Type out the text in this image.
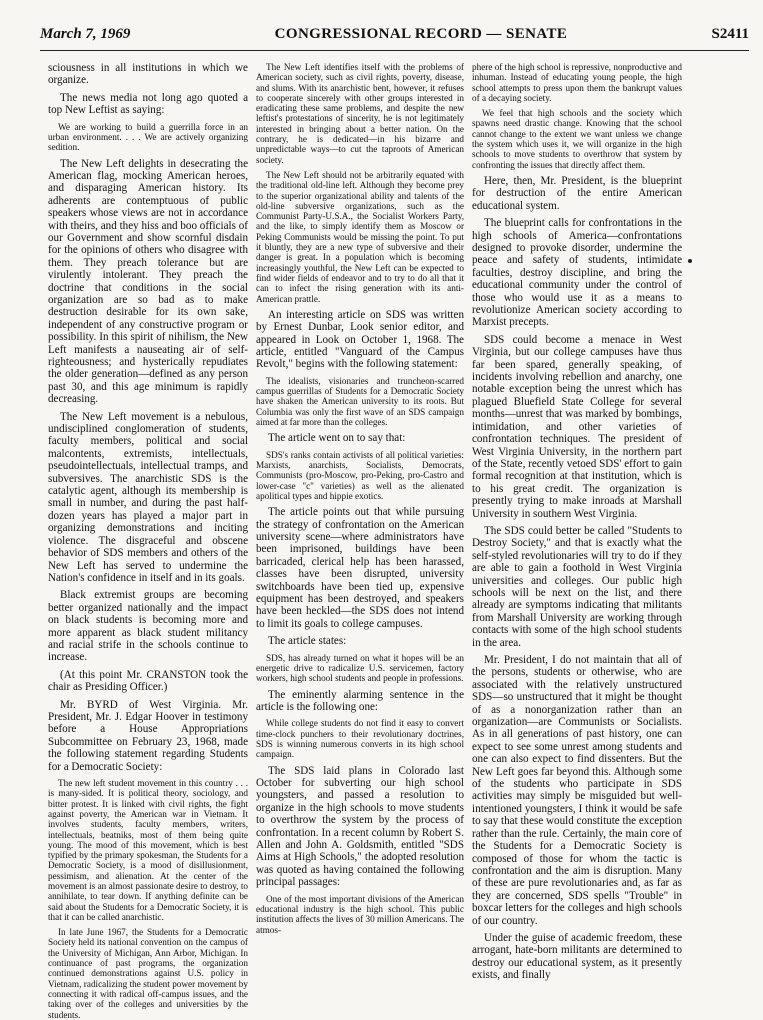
March 7, 1969	CONGRESSIONAL RECORD — SENATE	S2411

sciousness in all institutions in which we organize.

The news media not long ago quoted a top New Leftist as saying:

We are working to build a guerrilla force in an urban environment. . . . We are actively organizing sedition.

The New Left delights in desecrating the American flag, mocking American heroes, and disparaging American history. Its adherents are contemptuous of public speakers whose views are not in accordance with theirs, and they hiss and boo officials of our Government and show scornful disdain for the opinions of others who disagree with them. They preach tolerance but are virulently intolerant. They preach the doctrine that conditions in the social organization are so bad as to make destruction desirable for its own sake, independent of any constructive program or possibility. In this spirit of nihilism, the New Left manifests a nauseating air of self-righteousness; and hysterically repudiates the older generation—defined as any person past 30, and this age minimum is rapidly decreasing.

The New Left movement is a nebulous, undisciplined conglomeration of students, faculty members, political and social malcontents, extremists, intellectuals, pseudointellectuals, intellectual tramps, and subversives. The anarchistic SDS is the catalytic agent, although its membership is small in number, and during the past half-dozen years has played a major part in organizing demonstrations and inciting violence. The disgraceful and obscene behavior of SDS members and others of the New Left has served to undermine the Nation's confidence in itself and in its goals.

Black extremist groups are becoming better organized nationally and the impact on black students is becoming more and more apparent as black student militancy and racial strife in the schools continue to increase.

(At this point Mr. CRANSTON took the chair as Presiding Officer.)

Mr. BYRD of West Virginia. Mr. President, Mr. J. Edgar Hoover in testimony before a House Appropriations Subcommittee on February 23, 1968, made the following statement regarding Students for a Democratic Society:

The new left student movement in this country . . . is many-sided. It is political theory, sociology, and bitter protest. It is linked with civil rights, the fight against poverty, the American war in Vietnam. It involves students, faculty members, writers, intellectuals, beatniks, most of them being quite young. The mood of this movement, which is best typified by the primary spokesman, the Students for a Democratic Society, is a mood of disillusionment, pessimism, and alienation. At the center of the movement is an almost passionate desire to destroy, to annihilate, to tear down. If anything definite can be said about the Students for a Democratic Society, it is that it can be called anarchistic.

In late June 1967, the Students for a Democratic Society held its national convention on the campus of the University of Michigan, Ann Arbor, Michigan. In continuance of past programs, the organization continued demonstrations against U.S. policy in Vietnam, radicalizing the student power movement by connecting it with radical off-campus issues, and the taking over of the colleges and universities by the students.

The New Left identifies itself with the problems of American society, such as civil rights, poverty, disease, and slums. With its anarchistic bent, however, it refuses to cooperate sincerely with other groups interested in eradicating these same problems, and despite the new leftist's protestations of sincerity, he is not legitimately interested in bringing about a better nation. On the contrary, he is dedicated—in his bizarre and unpredictable ways—to cut the taproots of American society.

The New Left should not be arbitrarily equated with the traditional old-line left. Although they become prey to the superior organizational ability and talents of the old-line subversive organizations, such as the Communist Party-U.S.A., the Socialist Workers Party, and the like, to simply identify them as Moscow or Peking Communists would be missing the point. To put it bluntly, they are a new type of subversive and their danger is great. In a population which is becoming increasingly youthful, the New Left can be expected to find wider fields of endeavor and to try to do all that it can to infect the rising generation with its anti-American prattle.

An interesting article on SDS was written by Ernest Dunbar, Look senior editor, and appeared in Look on October 1, 1968. The article, entitled "Vanguard of the Campus Revolt," begins with the following statement:

The idealists, visionaries and truncheon-scarred campus guerrillas of Students for a Democratic Society have shaken the American university to its roots. But Columbia was only the first wave of an SDS campaign aimed at far more than the colleges.

The article went on to say that:

SDS's ranks contain activists of all political varieties: Marxists, anarchists, Socialists, Democrats, Communists (pro-Moscow, pro-Peking, pro-Castro and lower-case "c" varieties) as well as the alienated apolitical types and hippie exotics.

The article points out that while pursuing the strategy of confrontation on the American university scene—where administrators have been imprisoned, buildings have been barricaded, clerical help has been harassed, classes have been disrupted, university switchboards have been tied up, expensive equipment has been destroyed, and speakers have been heckled—the SDS does not intend to limit its goals to college campuses.

The article states:

SDS, has already turned on what it hopes will be an energetic drive to radicalize U.S. servicemen, factory workers, high school students and people in professions.

The eminently alarming sentence in the article is the following one:

While college students do not find it easy to convert time-clock punchers to their revolutionary doctrines, SDS is winning numerous converts in its high school campaign.

The SDS laid plans in Colorado last October for subverting our high school youngsters, and passed a resolution to organize in the high schools to move students to overthrow the system by the process of confrontation. In a recent column by Robert S. Allen and John A. Goldsmith, entitled "SDS Aims at High Schools," the adopted resolution was quoted as having contained the following principal passages:

One of the most important divisions of the American educational industry is the high school. This public institution affects the lives of 30 million Americans. The atmos-

phere of the high school is repressive, nonproductive and inhuman. Instead of educating young people, the high school attempts to press upon them the bankrupt values of a decaying society.

We feel that high schools and the society which spawns need drastic change. Knowing that the school cannot change to the extent we want unless we change the system which uses it, we will organize in the high schools to move students to overthrow that system by confronting the issues that directly affect them.

Here, then, Mr. President, is the blueprint for destruction of the entire American educational system.

The blueprint calls for confrontations in the high schools of America—confrontations designed to provoke disorder, undermine the peace and safety of students, intimidate faculties, destroy discipline, and bring the educational community under the control of those who would use it as a means to revolutionize American society according to Marxist precepts.

SDS could become a menace in West Virginia, but our college campuses have thus far been spared, generally speaking, of incidents involving rebellion and anarchy, one notable exception being the unrest which has plagued Bluefield State College for several months—unrest that was marked by bombings, intimidation, and other varieties of confrontation techniques. The president of West Virginia University, in the northern part of the State, recently vetoed SDS' effort to gain formal recognition at that institution, which is to his great credit. The organization is presently trying to make inroads at Marshall University in southern West Virginia.

The SDS could better be called "Students to Destroy Society," and that is exactly what the self-styled revolutionaries will try to do if they are able to gain a foothold in West Virginia universities and colleges. Our public high schools will be next on the list, and there already are symptoms indicating that militants from Marshall University are working through contacts with some of the high school students in the area.

Mr. President, I do not maintain that all of the persons, students or otherwise, who are associated with the relatively unstructured SDS—so unstructured that it might be thought of as a nonorganization rather than an organization—are Communists or Socialists. As in all generations of past history, one can expect to see some unrest among students and one can also expect to find dissenters. But the New Left goes far beyond this. Although some of the students who participate in SDS activities may simply be misguided but well-intentioned youngsters, I think it would be safe to say that these would constitute the exception rather than the rule. Certainly, the main core of the Students for a Democratic Society is composed of those for whom the tactic is confrontation and the aim is disruption. Many of these are pure revolutionaries and, as far as they are concerned, SDS spells "Trouble" in boxcar letters for the colleges and high schools of our country.

Under the guise of academic freedom, these arrogant, hate-born militants are determined to destroy our educational system, as it presently exists, and finally
